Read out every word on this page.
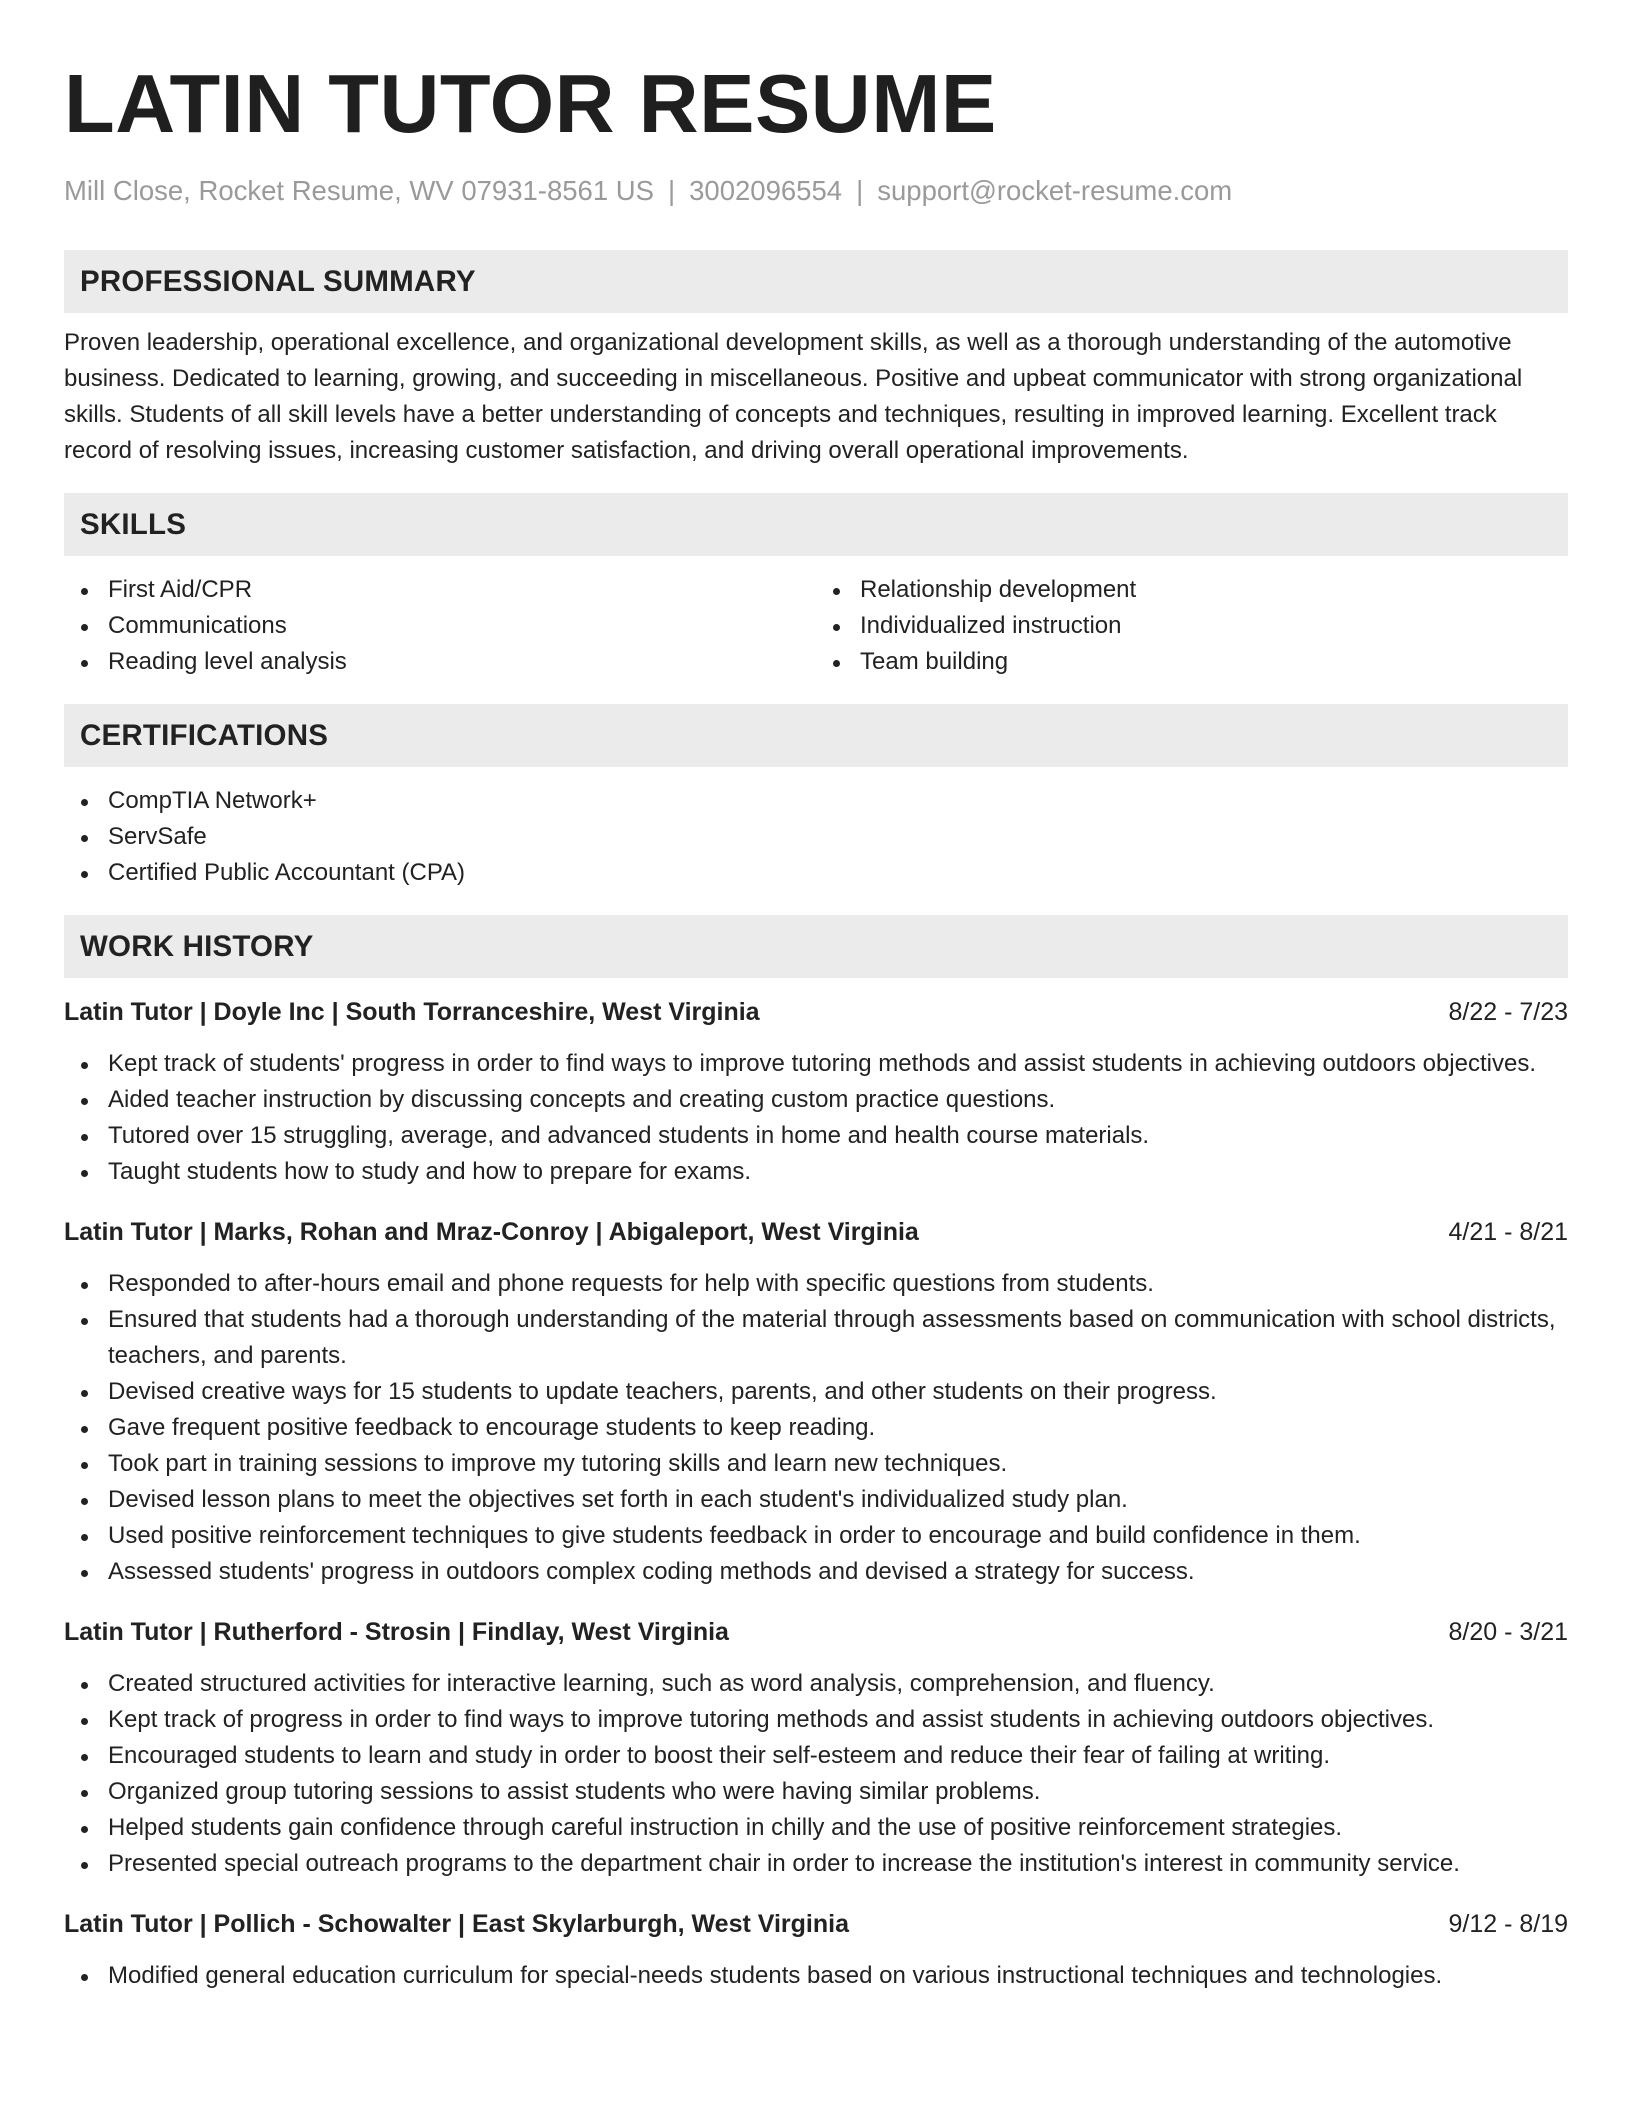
LATIN TUTOR RESUME
Mill Close, Rocket Resume, WV 07931-8561 US | 3002096554 | support@rocket-resume.com
PROFESSIONAL SUMMARY

Proven leadership, operational excellence, and organizational development skills, as well as a thorough understanding of the automotive business. Dedicated to learning, growing, and succeeding in miscellaneous. Positive and upbeat communicator with strong organizational skills. Students of all skill levels have a better understanding of concepts and techniques, resulting in improved learning. Excellent track record of resolving issues, increasing customer satisfaction, and driving overall operational improvements.

SKILLS
First Aid/CPR
Communications
Reading level analysis
Relationship development
Individualized instruction
Team building
CERTIFICATIONS
CompTIA Network+
ServSafe
Certified Public Accountant (CPA)
WORK HISTORY
Latin Tutor | Doyle Inc | South Torranceshire, West Virginia	8/22 - 7/23
Kept track of students' progress in order to find ways to improve tutoring methods and assist students in achieving outdoors objectives.
Aided teacher instruction by discussing concepts and creating custom practice questions.
Tutored over 15 struggling, average, and advanced students in home and health course materials.
Taught students how to study and how to prepare for exams.
Latin Tutor | Marks, Rohan and Mraz-Conroy | Abigaleport, West Virginia	4/21 - 8/21
Responded to after-hours email and phone requests for help with specific questions from students.
Ensured that students had a thorough understanding of the material through assessments based on communication with school districts, teachers, and parents.
Devised creative ways for 15 students to update teachers, parents, and other students on their progress.
Gave frequent positive feedback to encourage students to keep reading.
Took part in training sessions to improve my tutoring skills and learn new techniques.
Devised lesson plans to meet the objectives set forth in each student's individualized study plan.
Used positive reinforcement techniques to give students feedback in order to encourage and build confidence in them.
Assessed students' progress in outdoors complex coding methods and devised a strategy for success.
Latin Tutor | Rutherford - Strosin | Findlay, West Virginia	8/20 - 3/21
Created structured activities for interactive learning, such as word analysis, comprehension, and fluency.
Kept track of progress in order to find ways to improve tutoring methods and assist students in achieving outdoors objectives.
Encouraged students to learn and study in order to boost their self-esteem and reduce their fear of failing at writing.
Organized group tutoring sessions to assist students who were having similar problems.
Helped students gain confidence through careful instruction in chilly and the use of positive reinforcement strategies.
Presented special outreach programs to the department chair in order to increase the institution's interest in community service.
Latin Tutor | Pollich - Schowalter | East Skylarburgh, West Virginia	9/12 - 8/19
Modified general education curriculum for special-needs students based on various instructional techniques and technologies.
